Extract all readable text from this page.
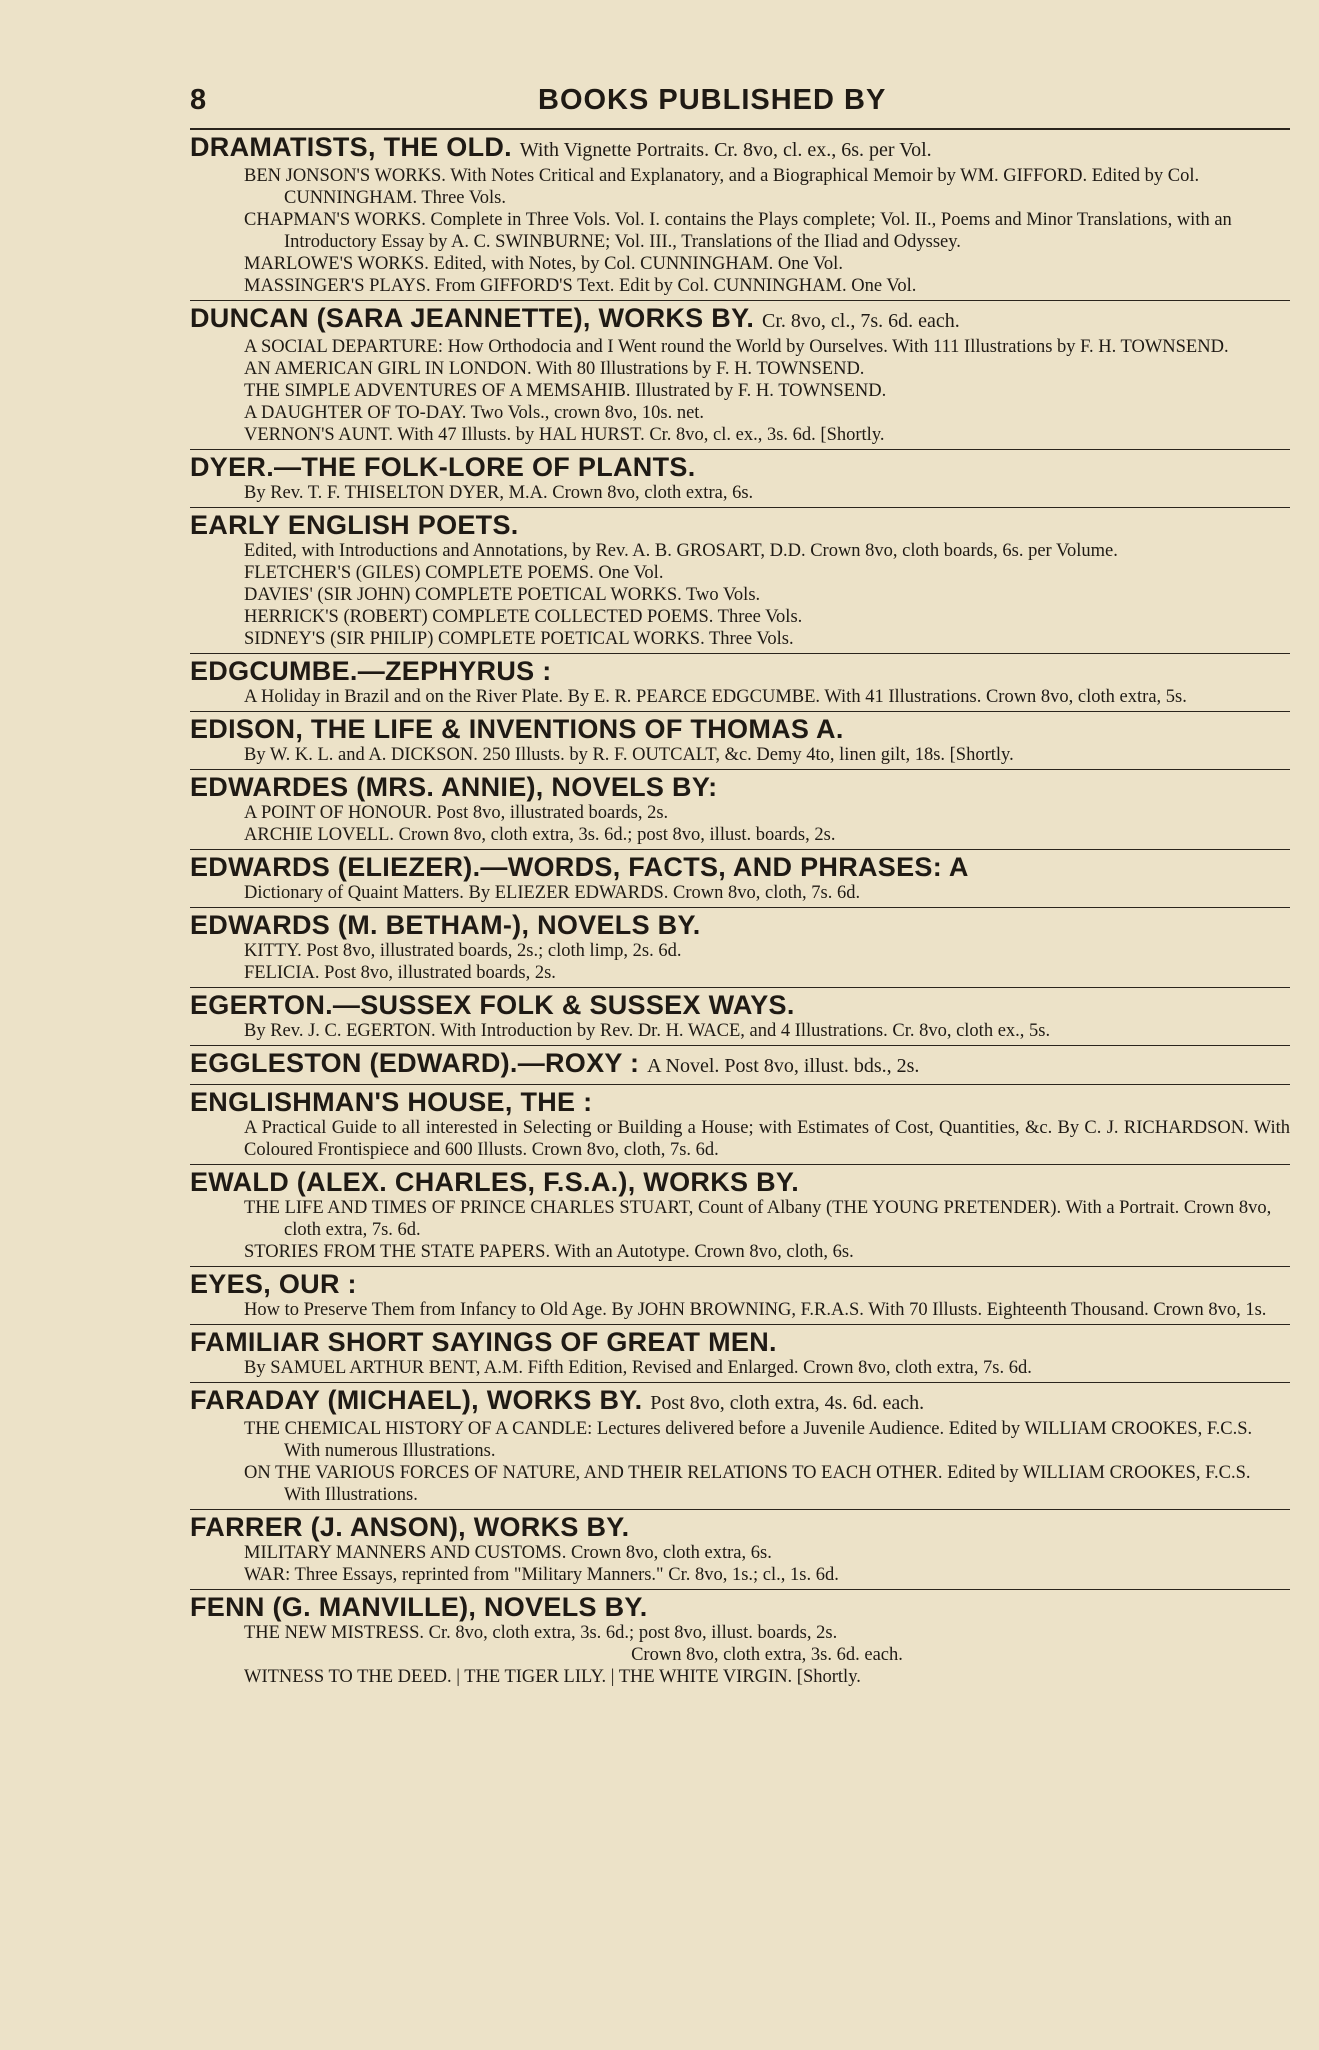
8	BOOKS PUBLISHED BY
DRAMATISTS, THE OLD. With Vignette Portraits. Cr. 8vo, cl. ex., 6s. per Vol.
BEN JONSON'S WORKS. With Notes Critical and Explanatory, and a Biographical Memoir by WM. GIFFORD. Edited by Col. CUNNINGHAM. Three Vols.
CHAPMAN'S WORKS. Complete in Three Vols. Vol. I. contains the Plays complete; Vol. II., Poems and Minor Translations, with an Introductory Essay by A. C. SWINBURNE; Vol. III., Translations of the Iliad and Odyssey.
MARLOWE'S WORKS. Edited, with Notes, by Col. CUNNINGHAM. One Vol.
MASSINGER'S PLAYS. From GIFFORD'S Text. Edit by Col. CUNNINGHAM. One Vol.
DUNCAN (SARA JEANNETTE), WORKS BY. Cr. 8vo, cl., 7s. 6d. each.
A SOCIAL DEPARTURE: How Orthodocia and I Went round the World by Ourselves. With 111 Illustrations by F. H. TOWNSEND.
AN AMERICAN GIRL IN LONDON. With 80 Illustrations by F. H. TOWNSEND.
THE SIMPLE ADVENTURES OF A MEMSAHIB. Illustrated by F. H. TOWNSEND.
A DAUGHTER OF TO-DAY. Two Vols., crown 8vo, 10s. net.
VERNON'S AUNT. With 47 Illusts. by HAL HURST. Cr. 8vo, cl. ex., 3s. 6d. [Shortly.
DYER.—THE FOLK-LORE OF PLANTS.
By Rev. T. F. THISELTON DYER, M.A. Crown 8vo, cloth extra, 6s.
EARLY ENGLISH POETS.
Edited, with Introductions and Annotations, by Rev. A. B. GROSART, D.D. Crown 8vo, cloth boards, 6s. per Volume.
FLETCHER'S (GILES) COMPLETE POEMS. One Vol.
DAVIES' (SIR JOHN) COMPLETE POETICAL WORKS. Two Vols.
HERRICK'S (ROBERT) COMPLETE COLLECTED POEMS. Three Vols.
SIDNEY'S (SIR PHILIP) COMPLETE POETICAL WORKS. Three Vols.
EDGCUMBE.—ZEPHYRUS :
A Holiday in Brazil and on the River Plate. By E. R. PEARCE EDGCUMBE. With 41 Illustrations. Crown 8vo, cloth extra, 5s.
EDISON, THE LIFE & INVENTIONS OF THOMAS A.
By W. K. L. and A. DICKSON. 250 Illusts. by R. F. OUTCALT, &c. Demy 4to, linen gilt, 18s. [Shortly.
EDWARDES (MRS. ANNIE), NOVELS BY:
A POINT OF HONOUR. Post 8vo, illustrated boards, 2s.
ARCHIE LOVELL. Crown 8vo, cloth extra, 3s. 6d.; post 8vo, illust. boards, 2s.
EDWARDS (ELIEZER).—WORDS, FACTS, AND PHRASES: A
Dictionary of Quaint Matters. By ELIEZER EDWARDS. Crown 8vo, cloth, 7s. 6d.
EDWARDS (M. BETHAM-), NOVELS BY.
KITTY. Post 8vo, illustrated boards, 2s.; cloth limp, 2s. 6d.
FELICIA. Post 8vo, illustrated boards, 2s.
EGERTON.—SUSSEX FOLK & SUSSEX WAYS.
By Rev. J. C. EGERTON. With Introduction by Rev. Dr. H. WACE, and 4 Illustrations. Cr. 8vo, cloth ex., 5s.
EGGLESTON (EDWARD).—ROXY : A Novel. Post 8vo, illust. bds., 2s.
ENGLISHMAN'S HOUSE, THE :
A Practical Guide to all interested in Selecting or Building a House; with Estimates of Cost, Quantities, &c. By C. J. RICHARDSON. With Coloured Frontispiece and 600 Illusts. Crown 8vo, cloth, 7s. 6d.
EWALD (ALEX. CHARLES, F.S.A.), WORKS BY.
THE LIFE AND TIMES OF PRINCE CHARLES STUART, Count of Albany (THE YOUNG PRETENDER). With a Portrait. Crown 8vo, cloth extra, 7s. 6d.
STORIES FROM THE STATE PAPERS. With an Autotype. Crown 8vo, cloth, 6s.
EYES, OUR :
How to Preserve Them from Infancy to Old Age. By JOHN BROWNING, F.R.A.S. With 70 Illusts. Eighteenth Thousand. Crown 8vo, 1s.
FAMILIAR SHORT SAYINGS OF GREAT MEN.
By SAMUEL ARTHUR BENT, A.M. Fifth Edition, Revised and Enlarged. Crown 8vo, cloth extra, 7s. 6d.
FARADAY (MICHAEL), WORKS BY. Post 8vo, cloth extra, 4s. 6d. each.
THE CHEMICAL HISTORY OF A CANDLE: Lectures delivered before a Juvenile Audience. Edited by WILLIAM CROOKES, F.C.S. With numerous Illustrations.
ON THE VARIOUS FORCES OF NATURE, AND THEIR RELATIONS TO EACH OTHER. Edited by WILLIAM CROOKES, F.C.S. With Illustrations.
FARRER (J. ANSON), WORKS BY.
MILITARY MANNERS AND CUSTOMS. Crown 8vo, cloth extra, 6s.
WAR: Three Essays, reprinted from "Military Manners." Cr. 8vo, 1s.; cl., 1s. 6d.
FENN (G. MANVILLE), NOVELS BY.
THE NEW MISTRESS. Cr. 8vo, cloth extra, 3s. 6d.; post 8vo, illust. boards, 2s.
Crown 8vo, cloth extra, 3s. 6d. each.
WITNESS TO THE DEED. | THE TIGER LILY. | THE WHITE VIRGIN. [Shortly.
